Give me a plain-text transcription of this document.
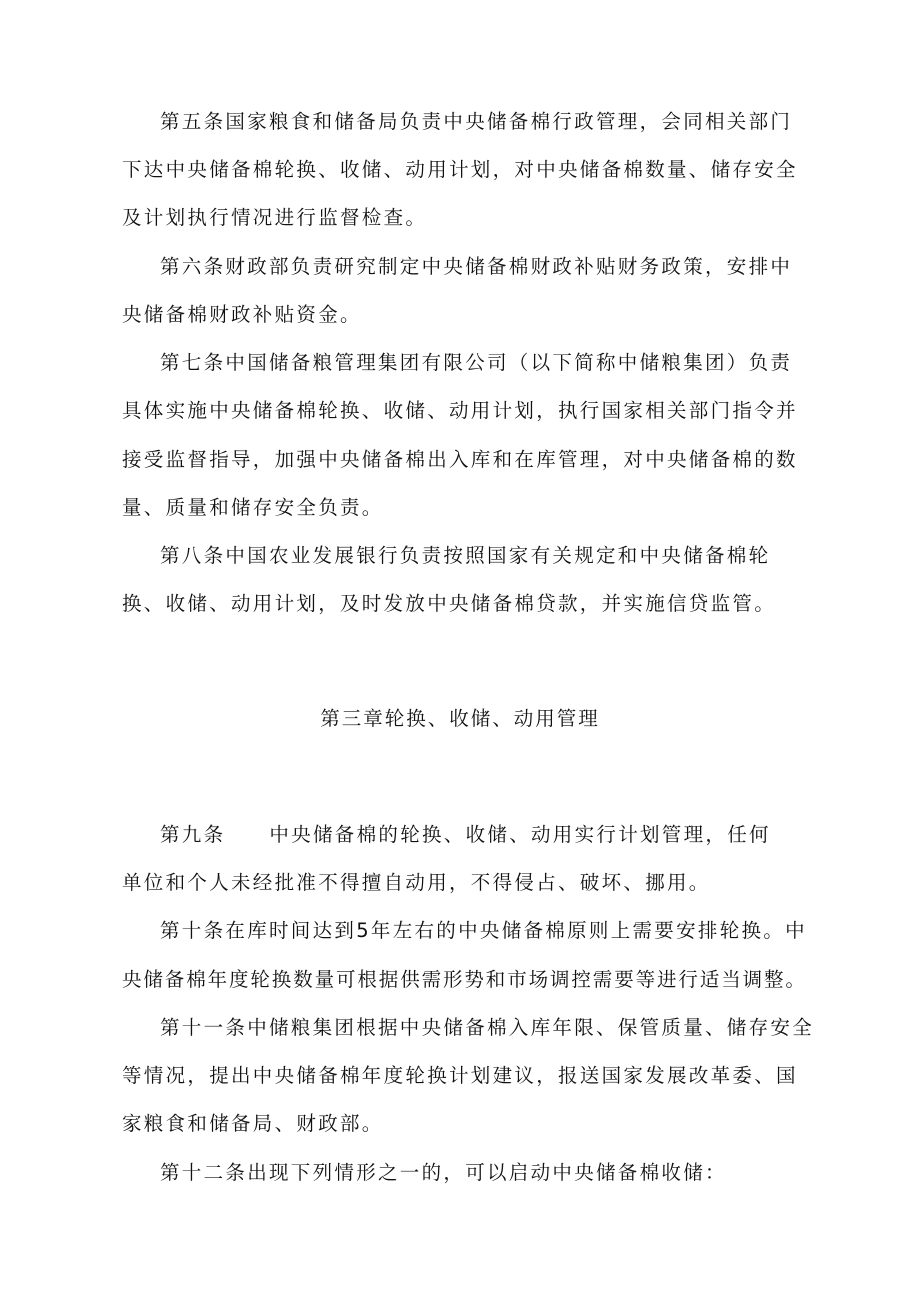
第五条国家粮食和储备局负责中央储备棉行政管理，会同相关部门
下达中央储备棉轮换、收储、动用计划，对中央储备棉数量、储存安全
及计划执行情况进行监督检查。
第六条财政部负责研究制定中央储备棉财政补贴财务政策，安排中
央储备棉财政补贴资金。
第七条中国储备粮管理集团有限公司（以下简称中储粮集团）负责
具体实施中央储备棉轮换、收储、动用计划，执行国家相关部门指令并
接受监督指导，加强中央储备棉出入库和在库管理，对中央储备棉的数
量、质量和储存安全负责。
第八条中国农业发展银行负责按照国家有关规定和中央储备棉轮
换、收储、动用计划，及时发放中央储备棉贷款，并实施信贷监管。
第三章轮换、收储、动用管理
第九条 中央储备棉的轮换、收储、动用实行计划管理，任何
单位和个人未经批准不得擅自动用，不得侵占、破坏、挪用。
第十条在库时间达到5年左右的中央储备棉原则上需要安排轮换。中
央储备棉年度轮换数量可根据供需形势和市场调控需要等进行适当调整。
第十一条中储粮集团根据中央储备棉入库年限、保管质量、储存安全
等情况，提出中央储备棉年度轮换计划建议，报送国家发展改革委、国
家粮食和储备局、财政部。
第十二条出现下列情形之一的，可以启动中央储备棉收储：
